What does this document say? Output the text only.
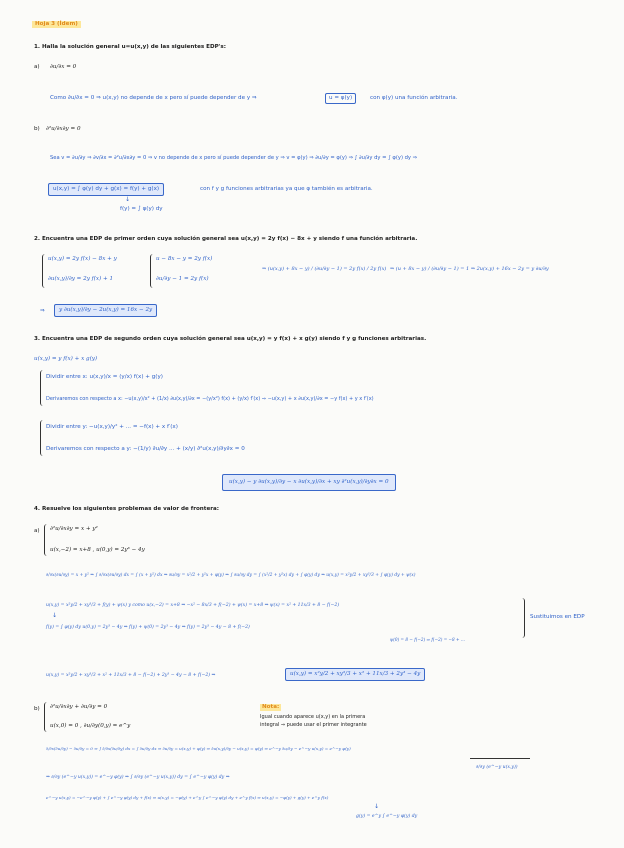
Hoja 3 (Ídem)
1. Halla la solución general u=u(x,y) de las siguientes EDP's:
a) ∂u/∂x = 0
Como ∂u/∂x = 0 ⇒ u(x,y) no depende de x pero sí puede depender de y ⇒	u = φ(y)	con φ(y) una función arbitraria.
b) ∂²u/∂x∂y = 0
Sea v = ∂u/∂y ⇒ ∂v/∂x = ∂²u/∂x∂y = 0 ⇒ v no depende de x pero sí puede depender de y ⇒ v = φ(y) ⇒ ∂u/∂y = φ(y) ⇒ ∫ ∂u/∂y dy = ∫ φ(y) dy ⇒
u(x,y) = ∫ φ(y) dy + g(x) = f(y) + g(x)	con f y g funciones arbitrarias ya que φ también es arbitraria.
↓
f(y) = ∫ φ(y) dy
2. Encuentra una EDP de primer orden cuya solución general sea u(x,y) = 2y f(x) − 8x + y siendo f una función arbitraria.
u(x,y) = 2y f(x) − 8x + y
∂u(x,y)/∂y = 2y f(x) + 1
u − 8x − y = 2y f(x)
∂u/∂y − 1 = 2y f(x)
⇒ (u(x,y) + 8x − y) / (∂u/∂y − 1) = 2y f(x) / 2y f(x) ⇒ (u + 8x − y) / (∂u/∂y − 1) = 1 ⇒ 2u(x,y) + 16x − 2y = y ∂u/∂y
⇒	y ∂u(x,y)/∂y − 2u(x,y) = 16x − 2y
3. Encuentra una EDP de segundo orden cuya solución general sea u(x,y) = y f(x) + x g(y) siendo f y g funciones arbitrarias.
u(x,y) = y f(x) + x g(y)
Dividir entre x: u(x,y)/x = (y/x) f(x) + g(y)
Derivaremos con respecto a x: −u(x,y)/x² + (1/x) ∂u(x,y)/∂x = −(y/x²) f(x) + (y/x) f′(x) ⇒ −u(x,y) + x ∂u(x,y)/∂x = −y f(x) + y x f′(x)
Dividir entre y: −u(x,y)/y² + ... = −f(x) + x f′(x)
Derivaremos con respecto a y: −(1/y) ∂u/∂y ... + (x/y) ∂²u(x,y)/∂y∂x = 0
u(x,y) − y ∂u(x,y)/∂y − x ∂u(x,y)/∂x + xy ∂²u(x,y)/∂y∂x = 0
4. Resuelve los siguientes problemas de valor de frontera:
a) ∂²u/∂x∂y = x + y²
u(x,−2) = x+8 , u(0,y) = 2y³ − 4y
∂/∂x(∂u/∂y) = x + y² ⇒ ∫ ∂/∂x(∂u/∂y) dx = ∫ (x + y²) dx ⇒ ∂u/∂y = x²/2 + y²x + φ(y) ⇒ ∫ ∂u/∂y dy = ∫ (x²/2 + y²x) dy + ∫ φ(y) dy ⇒ u(x,y) = x²y/2 + xy³/3 + ∫ φ(y) dy + ψ(x)
u(x,y) = x²y/2 + xy³/3 + f(y) + ψ(x) y como u(x,−2) = x+8 ⇒ −x² − 8x/3 + f(−2) + ψ(x) = x+8 ⇒ ψ(x) = x² + 11x/3 + 8 − f(−2)
↓
f(y) = ∫ φ(y) dy u(0,y) = 2y³ − 4y ⇒ f(y) + ψ(0) = 2y³ − 4y ⇒ f(y) = 2y³ − 4y − 8 + f(−2)
ψ(0) = 8 − f(−2) ⇒ f(−2) = −8 + ...
Sustituimos en EDP
u(x,y) = x²y/2 + xy³/3 + x² + 11x/3 + 8 − f(−2) + 2y³ − 4y − 8 + f(−2) ⇒	u(x,y) = x²y/2 + xy³/3 + x² + 11x/3 + 2y³ − 4y
b) ∂²u/∂x∂y + ∂u/∂y = 0
u(x,0) = 0 , ∂u/∂y(0,y) = e^y
Nota:
Igual cuando aparece u(x,y) en la primera integral ⇒ puede usar el primer integrante
∂/∂x(∂u/∂y) − ∂u/∂y = 0 ⇒ ∫ ∂/∂x(∂u/∂y) dx = ∫ ∂u/∂y dx ⇒ ∂u/∂y = u(x,y) + φ(y) ⇒ ∂u(x,y)/∂y − u(x,y) = φ(y) ⇒ e^−y ∂u/∂y − e^−y u(x,y) = e^−y φ(y)
∂/∂y (e^−y u(x,y))
⇒ ∂/∂y (e^−y u(x,y)) = e^−y φ(y) ⇒ ∫ ∂/∂y (e^−y u(x,y)) dy = ∫ e^−y φ(y) dy ⇒
e^−y u(x,y) = −e^−y φ(y) + ∫ e^−y φ(y) dy + f(x) ⇒ u(x,y) = −φ(y) + e^y ∫ e^−y φ(y) dy + e^y f(x) ⇒ u(x,y) = −φ(y) + g(y) + e^y f(x)
↓
g(y) = e^y ∫ e^−y φ(y) dy
